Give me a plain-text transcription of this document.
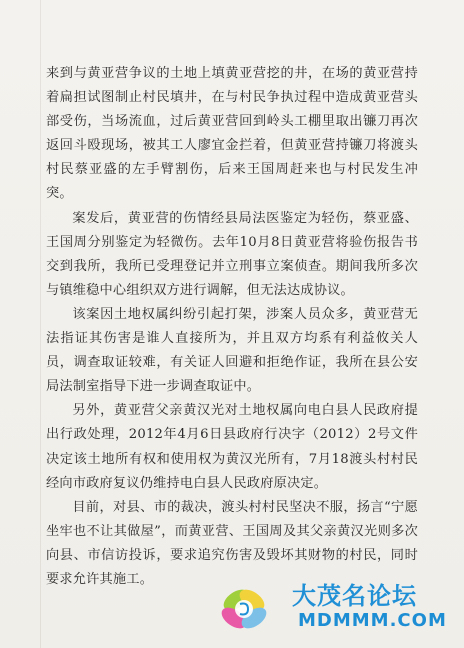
来到与黄亚营争议的土地上填黄亚营挖的井，在场的黄亚营持着扁担试图制止村民填井，在与村民争执过程中造成黄亚营头部受伤，当场流血，过后黄亚营回到岭头工棚里取出镰刀再次返回斗殴现场，被其工人廖宜金拦着，但黄亚营持镰刀将渡头村民蔡亚盛的左手臂割伤，后来王国周赶来也与村民发生冲突。

案发后，黄亚营的伤情经县局法医鉴定为轻伤，蔡亚盛、王国周分别鉴定为轻微伤。去年10月8日黄亚营将验伤报告书交到我所，我所已受理登记并立刑事立案侦查。期间我所多次与镇维稳中心组织双方进行调解，但无法达成协议。

该案因土地权属纠纷引起打架，涉案人员众多，黄亚营无法指证其伤害是谁人直接所为，并且双方均系有利益攸关人员，调查取证较难，有关证人回避和拒绝作证，我所在县公安局法制室指导下进一步调查取证中。

另外，黄亚营父亲黄汉光对土地权属向电白县人民政府提出行政处理，2012年4月6日县政府行决字（2012）2号文件决定该土地所有权和使用权为黄汉光所有，7月18渡头村村民经向市政府复议仍维持电白县人民政府原决定。

目前，对县、市的裁决，渡头村村民坚决不服，扬言“宁愿坐牢也不让其做屋”，而黄亚营、王国周及其父亲黄汉光则多次向县、市信访投诉，要求追究伤害及毁坏其财物的村民，同时要求允许其施工。

大茂名论坛
MDMMM.COM
